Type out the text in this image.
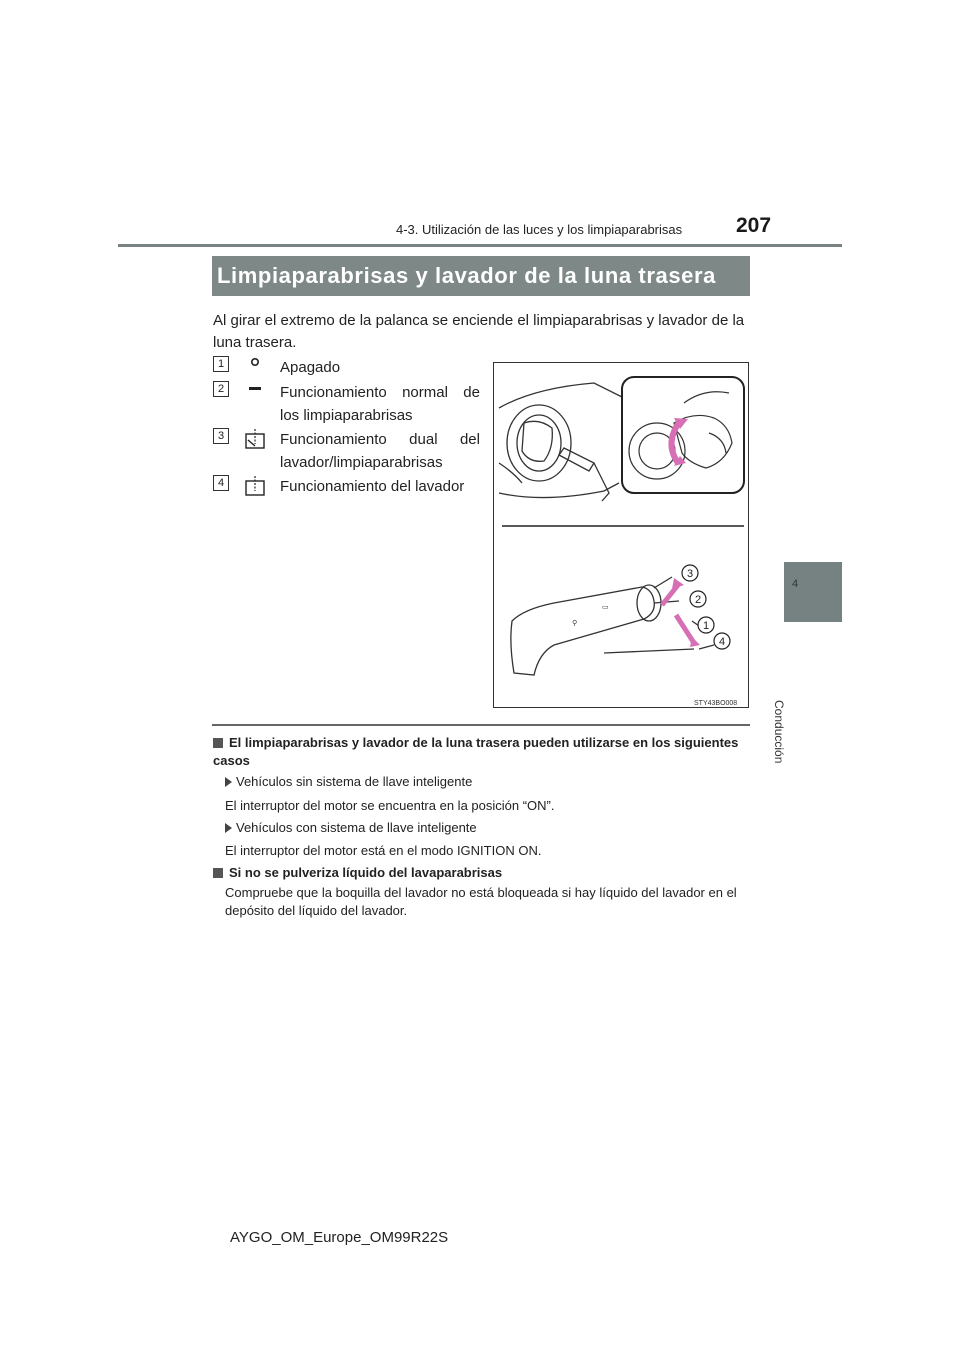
4-3. Utilización de las luces y los limpiaparabrisas	207
4
Conducción
Limpiaparabrisas y lavador de la luna trasera
Al girar el extremo de la palanca se enciende el limpiaparabrisas y lavador de la luna trasera.
1	Apagado
2	Funcionamiento normal de los limpiaparabrisas
3	Funcionamiento dual del lavador/limpiaparabrisas
4	Funcionamiento del lavador
⚲
▭
3
2
1
4
STY43BO008
El limpiaparabrisas y lavador de la luna trasera pueden utilizarse en los siguientes casos
Vehículos sin sistema de llave inteligente
El interruptor del motor se encuentra en la posición “ON”.
Vehículos con sistema de llave inteligente
El interruptor del motor está en el modo IGNITION ON.
Si no se pulveriza líquido del lavaparabrisas
Compruebe que la boquilla del lavador no está bloqueada si hay líquido del lavador en el depósito del líquido del lavador.
AYGO_OM_Europe_OM99R22S
